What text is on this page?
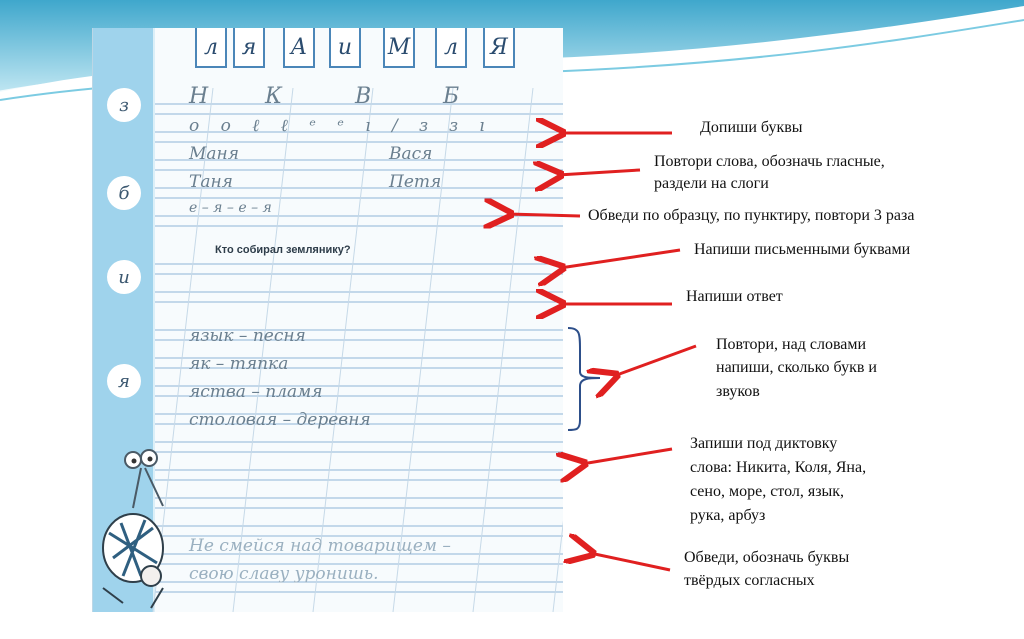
л	я	А	и	М	л	Я
з
б
и
я
Н	К	В	Б
о о ℓ ℓ ᵉ ᵉ ı / ɜ ɜ ı
Маня	Вася
Таня	Петя
е – я – е – я
Кто собирал землянику?
язык – песня
як – тяпка
яства – пламя
столовая – деревня
Не смейся над товарищем –
свою славу уронишь.
Допиши буквы
Повтори слова, обозначь гласные,
раздели на слоги
Обведи по образцу, по пунктиру, повтори 3 раза
Напиши письменными буквами
Напиши ответ
Повтори, над словами
напиши, сколько букв и
звуков
Запиши под диктовку
слова: Никита, Коля, Яна,
сено, море, стол, язык,
рука, арбуз
Обведи, обозначь буквы
твёрдых согласных
